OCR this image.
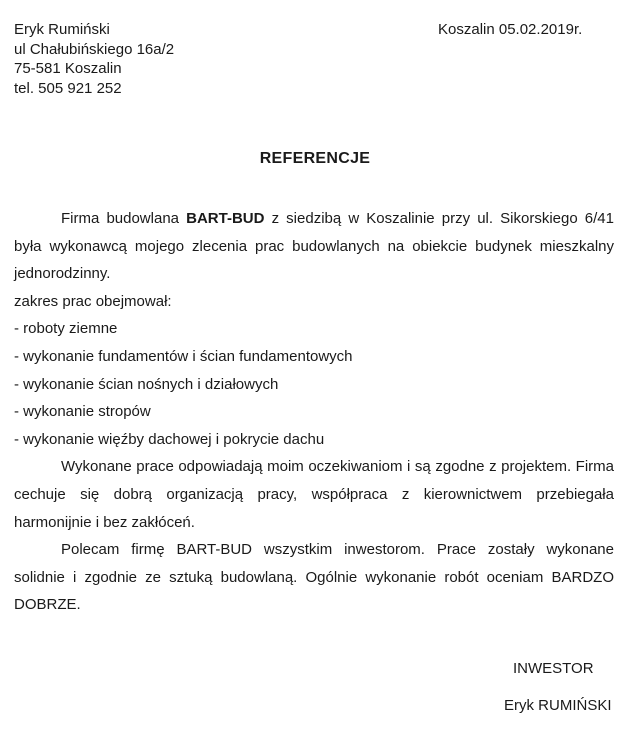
Eryk Rumiński
ul Chałubińskiego 16a/2
75-581 Koszalin
tel. 505 921 252
Koszalin 05.02.2019r.
REFERENCJE

Firma budowlana BART-BUD z siedzibą w Koszalinie przy ul. Sikorskiego 6/41 była wykonawcą mojego zlecenia prac budowlanych na obiekcie budynek mieszkalny jednorodzinny.

zakres prac obejmował:

- roboty ziemne

- wykonanie fundamentów i ścian fundamentowych

- wykonanie ścian nośnych i działowych

- wykonanie stropów

- wykonanie więźby dachowej i pokrycie dachu

Wykonane prace odpowiadają moim oczekiwaniom i są zgodne z projektem. Firma cechuje się dobrą organizacją pracy, współpraca z kierownictwem przebiegała harmonijnie i bez zakłóceń.

Polecam firmę BART-BUD wszystkim inwestorom. Prace zostały wykonane solidnie i zgodnie ze sztuką budowlaną. Ogólnie wykonanie robót oceniam BARDZO DOBRZE.

INWESTOR
Eryk RUMIŃSKI
